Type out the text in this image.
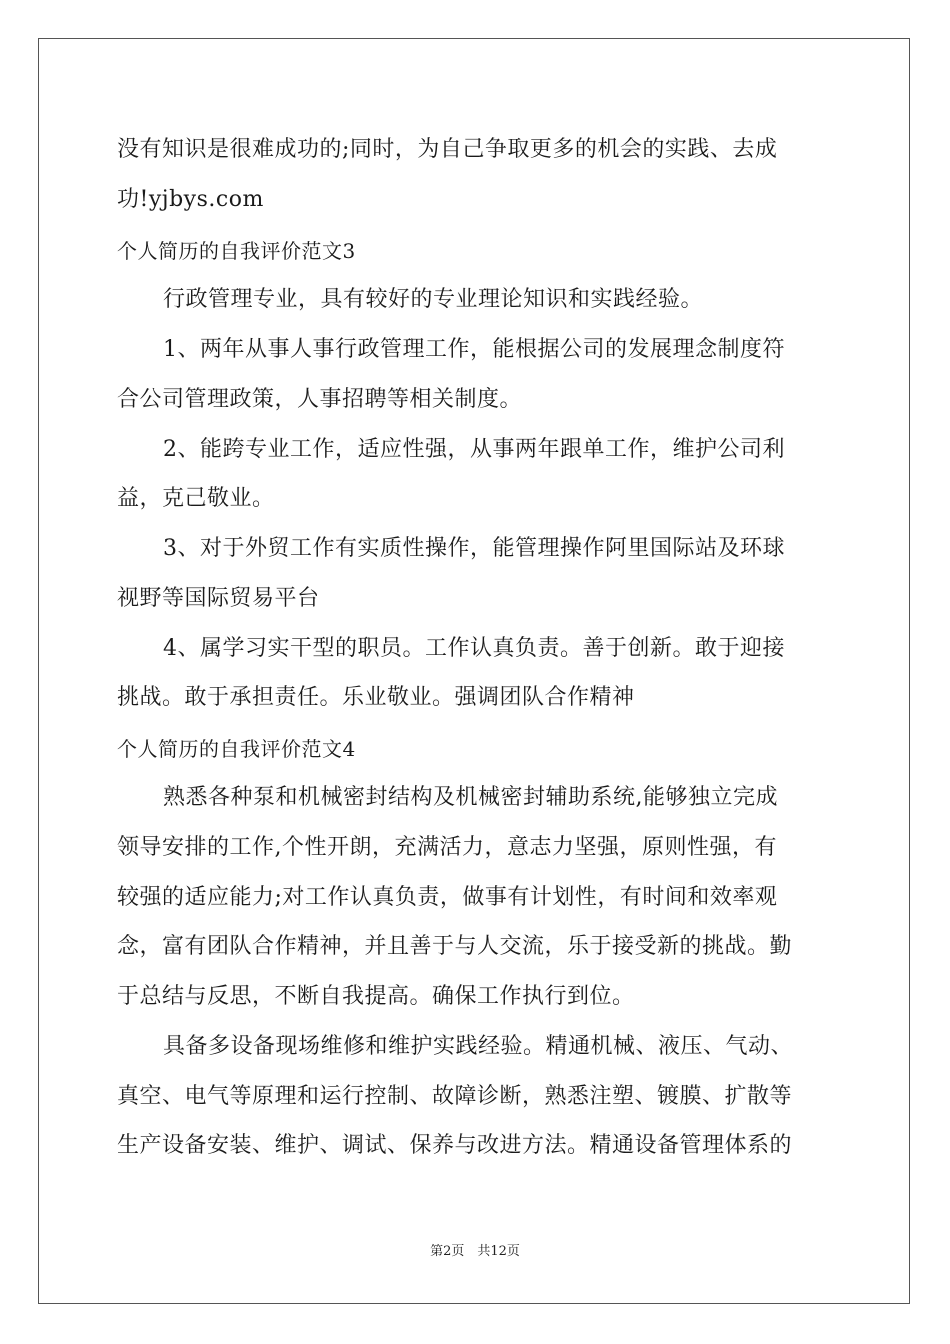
没有知识是很难成功的;同时，为自己争取更多的机会的实践、去成
功!yjbys.com
个人简历的自我评价范文3
行政管理专业，具有较好的专业理论知识和实践经验。
1、两年从事人事行政管理工作，能根据公司的发展理念制度符
合公司管理政策，人事招聘等相关制度。
2、能跨专业工作，适应性强，从事两年跟单工作，维护公司利
益，克己敬业。
3、对于外贸工作有实质性操作，能管理操作阿里国际站及环球
视野等国际贸易平台
4、属学习实干型的职员。工作认真负责。善于创新。敢于迎接
挑战。敢于承担责任。乐业敬业。强调团队合作精神
个人简历的自我评价范文4
熟悉各种泵和机械密封结构及机械密封辅助系统,能够独立完成
领导安排的工作,个性开朗，充满活力，意志力坚强，原则性强，有
较强的适应能力;对工作认真负责，做事有计划性，有时间和效率观
念，富有团队合作精神，并且善于与人交流，乐于接受新的挑战。勤
于总结与反思，不断自我提高。确保工作执行到位。
具备多设备现场维修和维护实践经验。精通机械、液压、气动、
真空、电气等原理和运行控制、故障诊断，熟悉注塑、镀膜、扩散等
生产设备安装、维护、调试、保养与改进方法。精通设备管理体系的
第2页　共12页
